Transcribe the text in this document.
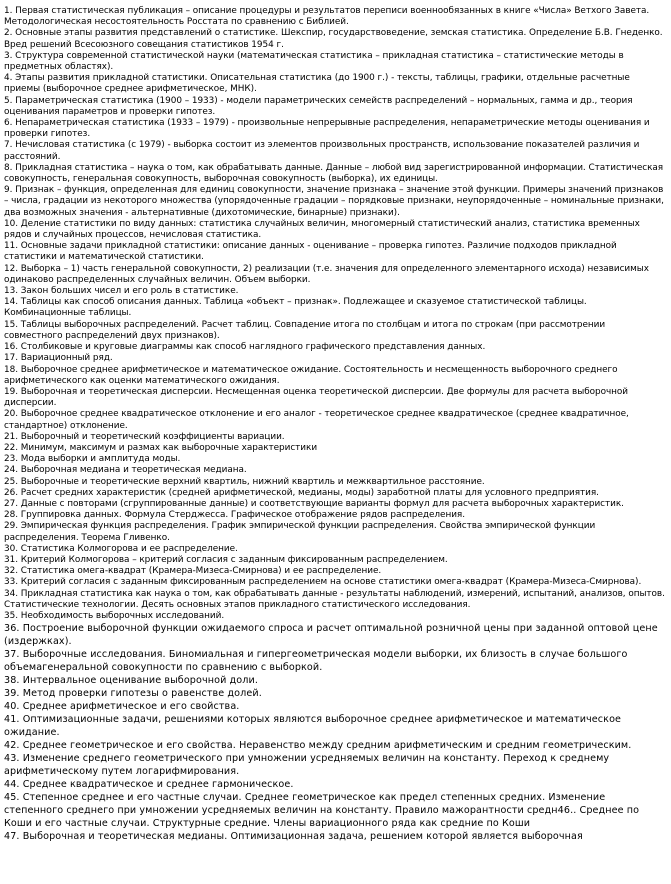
1. Первая статистическая публикация – описание процедуры и результатов переписи военнообязанных в книге «Числа» Ветхого Завета. Методологическая несостоятельность Росстата по сравнению с Библией.
2. Основные этапы развития представлений о статистике. Шекспир, государствоведение, земская статистика. Определение Б.В. Гнеденко. Вред решений Всесоюзного совещания статистиков 1954 г.
3. Структура современной статистической науки (математическая статистика – прикладная статистика – статистические методы в предметных областях).
4. Этапы развития прикладной статистики. Описательная статистика (до 1900 г.) - тексты, таблицы, графики, отдельные расчетные приемы (выборочное среднее арифметическое, МНК).
5. Параметрическая статистика (1900 – 1933) - модели параметрических семейств распределений – нормальных, гамма и др., теория оценивания параметров и проверки гипотез.
6. Непараметрическая статистика (1933 – 1979) - произвольные непрерывные распределения, непараметрические методы оценивания и проверки гипотез.
7. Нечисловая статистика (с 1979) - выборка состоит из элементов произвольных пространств, использование показателей различия и расстояний.
8. Прикладная статистика – наука о том, как обрабатывать данные. Данные – любой вид зарегистрированной информации. Статистическая совокупность, генеральная совокупность, выборочная совокупность (выборка), их единицы.
9. Признак – функция, определенная для единиц совокупности, значение признака – значение этой функции. Примеры значений признаков – числа, градации из некоторого множества (упорядоченные градации – порядковые признаки, неупорядоченные – номинальные признаки, два возможных значения - альтернативные (дихотомические, бинарные) признаки).
10. Деление статистики по виду данных: статистика случайных величин, многомерный статистический анализ, статистика временных рядов и случайных процессов, нечисловая статистика.
11. Основные задачи прикладной статистики: описание данных - оценивание – проверка гипотез. Различие подходов прикладной статистики и математической статистики.
12. Выборка – 1) часть генеральной совокупности, 2) реализации (т.е. значения для определенного элементарного исхода) независимых одинаково распределенных случайных величин. Объем выборки.
13. Закон больших чисел и его роль в статистике.
14. Таблицы как способ описания данных. Таблица «объект – признак». Подлежащее и сказуемое статистической таблицы. Комбинационные таблицы.
15. Таблицы выборочных распределений. Расчет таблиц. Совпадение итога по столбцам и итога по строкам (при рассмотрении совместного распределений двух признаков).
16. Столбиковые и круговые диаграммы как способ наглядного графического представления данных.
17. Вариационный ряд.
18. Выборочное среднее арифметическое и математическое ожидание. Состоятельность и несмещенность выборочного среднего арифметического как оценки математического ожидания.
19. Выборочная и теоретическая дисперсии. Несмещенная оценка теоретической дисперсии. Две формулы для расчета выборочной дисперсии.
20. Выборочное среднее квадратическое отклонение и его аналог - теоретическое среднее квадратическое (среднее квадратичное, стандартное) отклонение.
21. Выборочный и теоретический коэффициенты вариации.
22. Минимум, максимум и размах как выборочные характеристики
23. Мода выборки и амплитуда моды.
24. Выборочная медиана и теоретическая медиана.
25. Выборочные и теоретические верхний квартиль, нижний квартиль и межквартильное расстояние.
26. Расчет средних характеристик (средней арифметической, медианы, моды) заработной платы для условного предприятия.
27. Данные с повторами (сгруппированные данные) и соответствующие варианты формул для расчета выборочных характеристик.
28. Группировка данных. Формула Стерджесса. Графическое отображение рядов распределения.
29. Эмпирическая функция распределения. График эмпирической функции распределения. Свойства эмпирической функции распределения. Теорема Гливенко.
30. Статистика Колмогорова и ее распределение.
31. Критерий Колмогорова – критерий согласия с заданным фиксированным распределением.
32. Статистика омега-квадрат (Крамера-Мизеса-Смирнова) и ее распределение.
33. Критерий согласия с заданным фиксированным распределением на основе статистики омега-квадрат (Крамера-Мизеса-Смирнова).
34. Прикладная статистика как наука о том, как обрабатывать данные - результаты наблюдений, измерений, испытаний, анализов, опытов. Статистические технологии. Десять основных этапов прикладного статистического исследования.
35. Необходимость выборочных исследований.
36. Построение выборочной функции ожидаемого спроса и расчет оптимальной розничной цены при заданной оптовой цене (издержках).
37. Выборочные исследования. Биномиальная и гипергеометрическая модели выборки, их близость в случае большого объемагенеральной совокупности по сравнению с выборкой.
38. Интервальное оценивание выборочной доли.
39. Метод проверки гипотезы о равенстве долей.
40. Среднее арифметическое и его свойства.
41. Оптимизационные задачи, решениями которых являются выборочное среднее арифметическое и математическое ожидание.
42. Среднее геометрическое и его свойства. Неравенство между средним арифметическим и средним геометрическим.
43. Изменение среднего геометрического при умножении усредняемых величин на константу. Переход к среднему арифметическому путем логарифмирования.
44. Среднее квадратическое и среднее гармоническое.
45. Степенное среднее и его частные случаи. Среднее геометрическое как предел степенных средних. Изменение степенного среднего при умножении усредняемых величин на константу. Правило мажорантности средн46.. Среднее по Коши и его частные случаи. Структурные средние. Члены вариационного ряда как средние по Коши
47. Выборочная и теоретическая медианы. Оптимизационная задача, решением которой является выборочная
